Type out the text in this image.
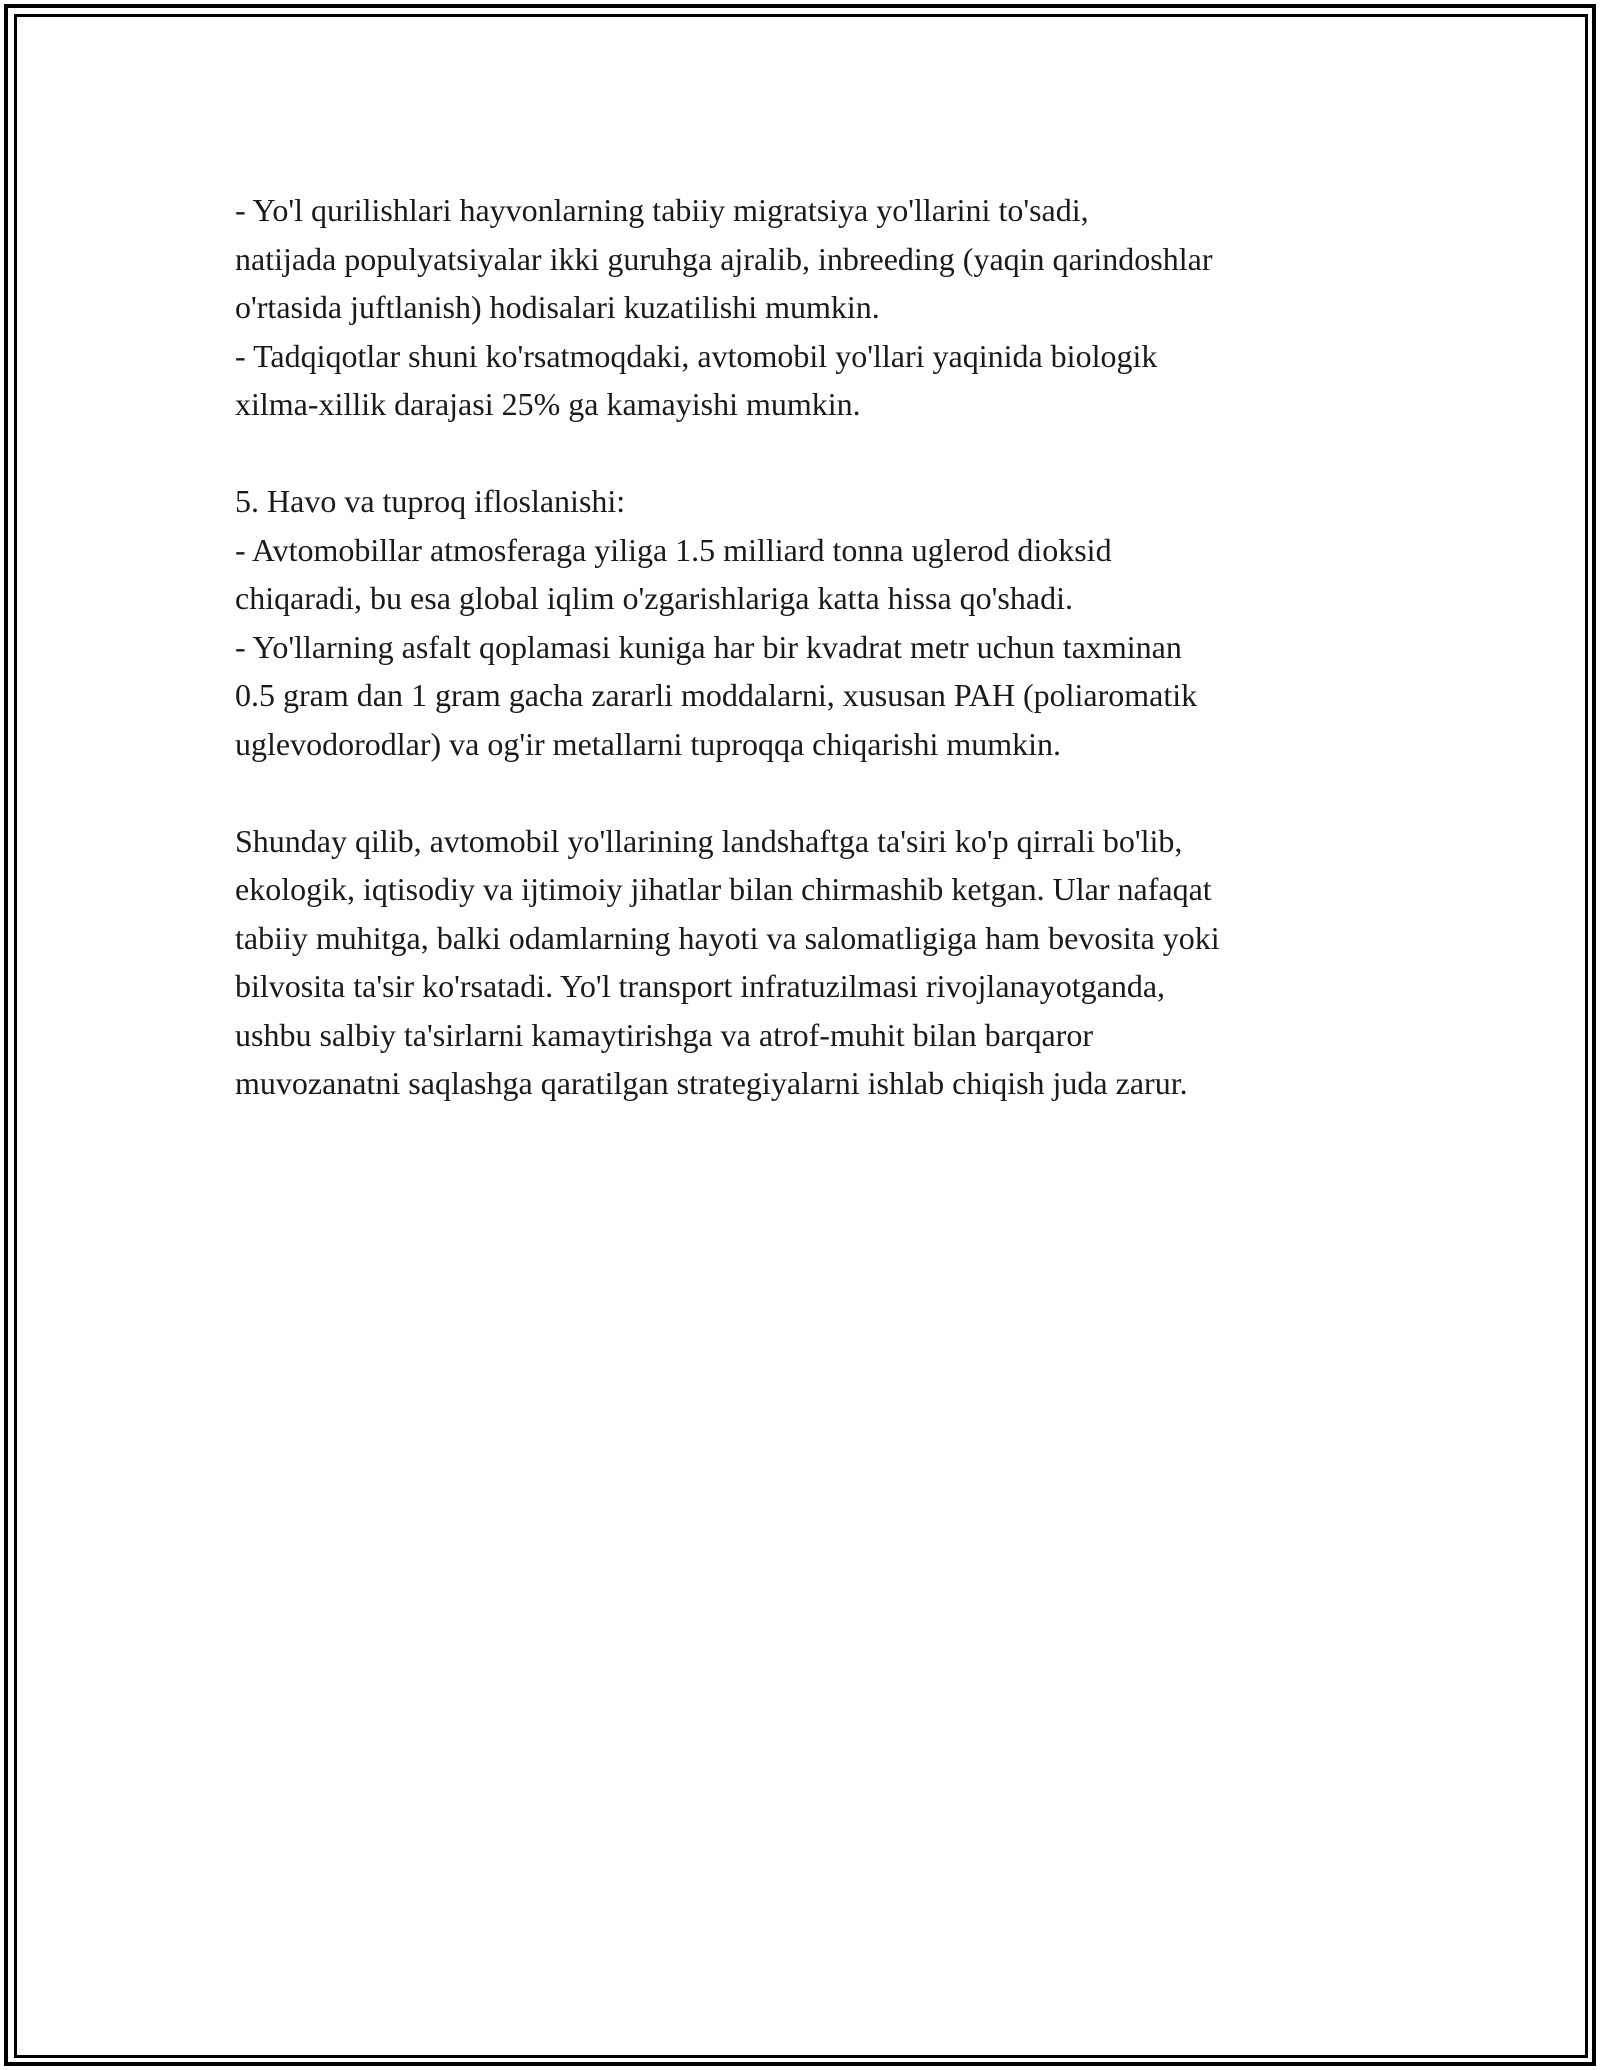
- Yo'l qurilishlari hayvonlarning tabiiy migratsiya yo'llarini to'sadi,
natijada populyatsiyalar ikki guruhga ajralib, inbreeding (yaqin qarindoshlar
o'rtasida juftlanish) hodisalari kuzatilishi mumkin.
- Tadqiqotlar shuni ko'rsatmoqdaki, avtomobil yo'llari yaqinida biologik
xilma-xillik darajasi 25% ga kamayishi mumkin.

5. Havo va tuproq ifloslanishi:
- Avtomobillar atmosferaga yiliga 1.5 milliard tonna uglerod dioksid
chiqaradi, bu esa global iqlim o'zgarishlariga katta hissa qo'shadi.
- Yo'llarning asfalt qoplamasi kuniga har bir kvadrat metr uchun taxminan
0.5 gram dan 1 gram gacha zararli moddalarni, xususan PAH (poliaromatik
uglevodorodlar) va og'ir metallarni tuproqqa chiqarishi mumkin.

Shunday qilib, avtomobil yo'llarining landshaftga ta'siri ko'p qirrali bo'lib,
ekologik, iqtisodiy va ijtimoiy jihatlar bilan chirmashib ketgan. Ular nafaqat
tabiiy muhitga, balki odamlarning hayoti va salomatligiga ham bevosita yoki
bilvosita ta'sir ko'rsatadi. Yo'l transport infratuzilmasi rivojlanayotganda,
ushbu salbiy ta'sirlarni kamaytirishga va atrof-muhit bilan barqaror
muvozanatni saqlashga qaratilgan strategiyalarni ishlab chiqish juda zarur.
